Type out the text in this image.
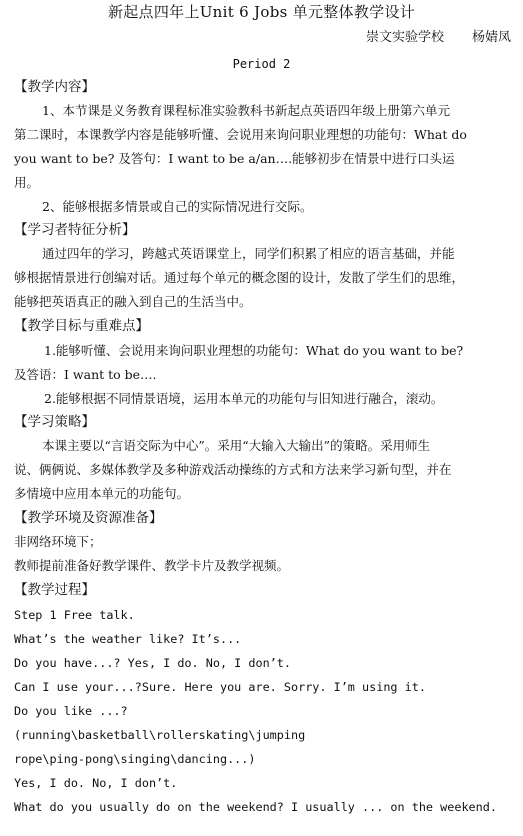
新起点四年上Unit 6 Jobs 单元整体教学设计
崇文实验学校 杨婧凤
Period 2
【教学内容】
1、本节课是义务教育课程标准实验教科书新起点英语四年级上册第六单元
第二课时，本课教学内容是能够听懂、会说用来询问职业理想的功能句：What do
you want to be? 及答句：I want to be a/an….能够初步在情景中进行口头运
用。
2、能够根据多情景或自己的实际情况进行交际。
【学习者特征分析】
通过四年的学习，跨越式英语课堂上，同学们积累了相应的语言基础，并能
够根据情景进行创编对话。通过每个单元的概念图的设计，发散了学生们的思维，
能够把英语真正的融入到自己的生活当中。
【教学目标与重难点】
1.能够听懂、会说用来询问职业理想的功能句：What do you want to be?
及答语：I want to be….
2.能够根据不同情景语境，运用本单元的功能句与旧知进行融合，滚动。
【学习策略】
本课主要以“言语交际为中心”。采用“大输入大输出”的策略。采用师生
说、俩俩说、多媒体教学及多种游戏活动操练的方式和方法来学习新句型，并在
多情境中应用本单元的功能句。
【教学环境及资源准备】
非网络环境下；
教师提前准备好教学课件、教学卡片及教学视频。
【教学过程】
Step 1 Free talk.
What’s the weather like? It’s...
Do you have...? Yes, I do. No, I don’t.
Can I use your...?Sure. Here you are. Sorry. I’m using it.
Do you like ...?
(running\basketball\rollerskating\jumping
rope\ping-pong\singing\dancing...)
Yes, I do. No, I don’t.
What do you usually do on the weekend? I usually ... on the weekend.
